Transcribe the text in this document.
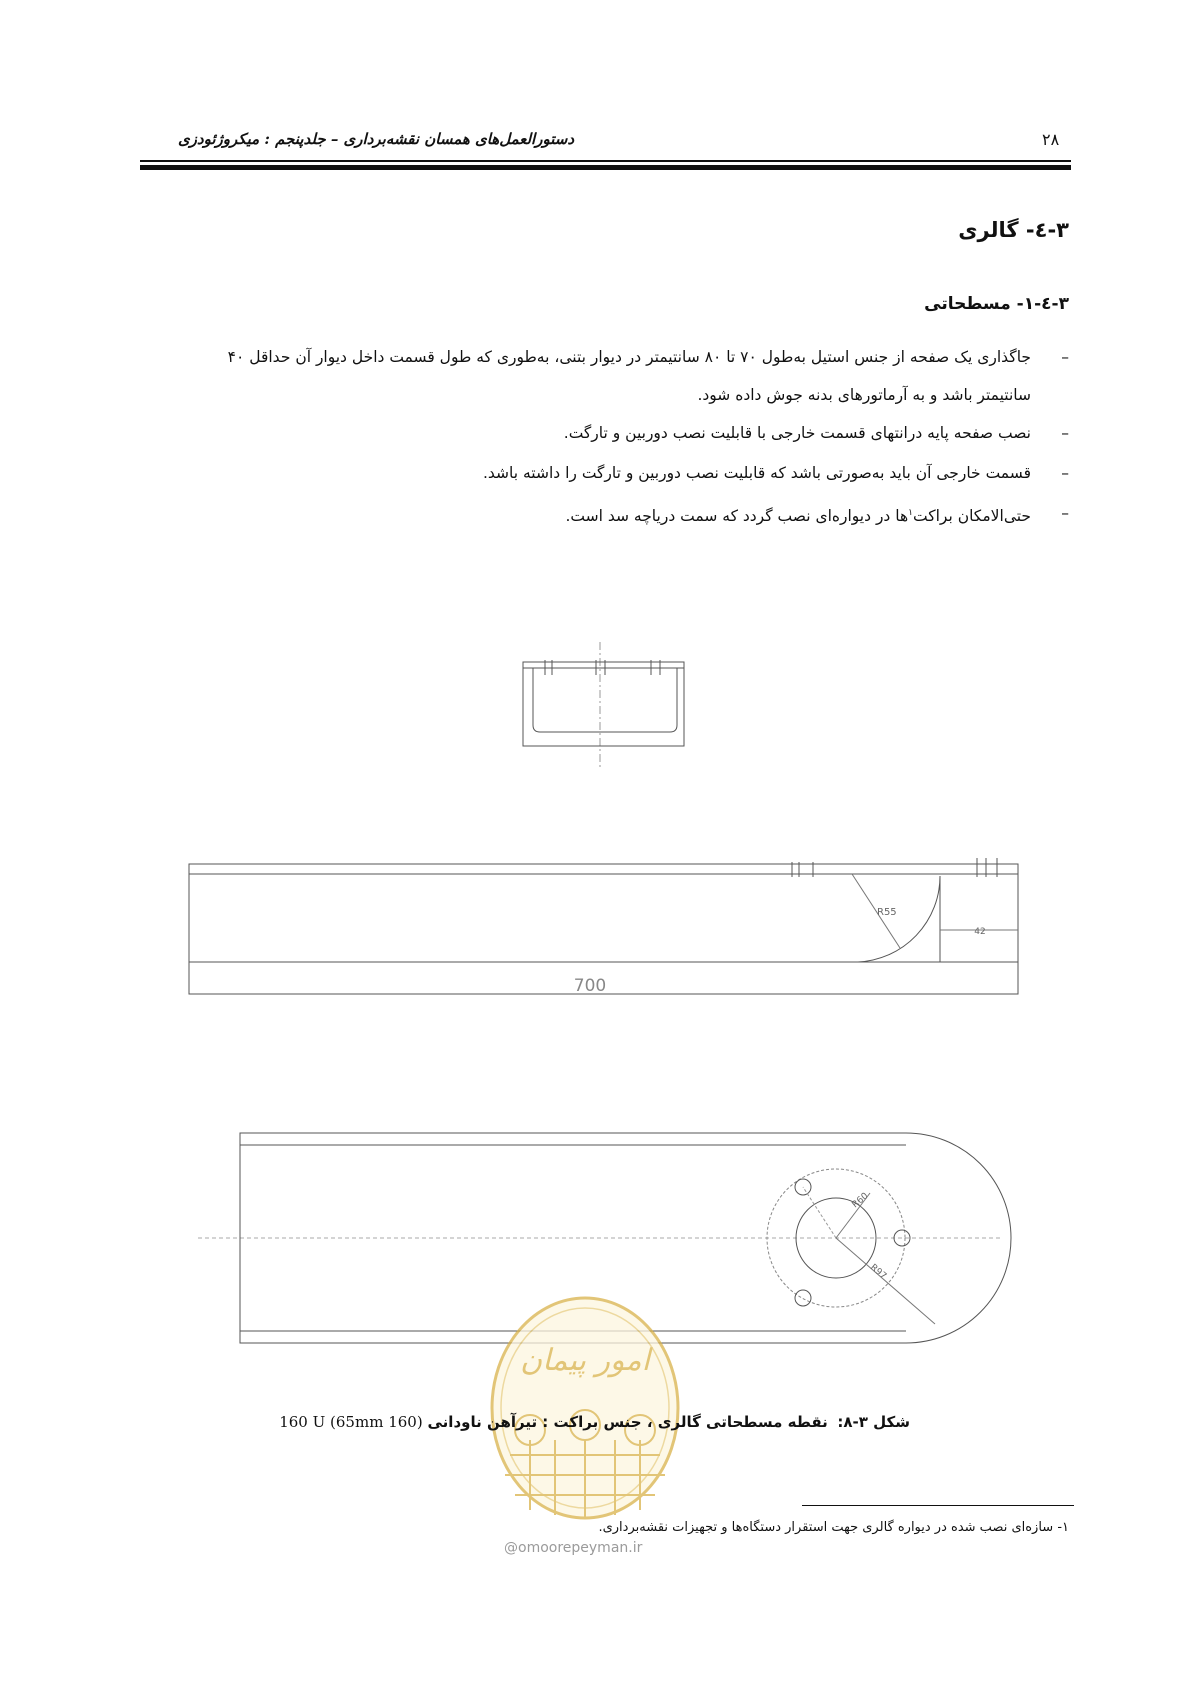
دستورالعمل‌های همسان نقشه‌برداری – جلدپنجم : میکروژئودزی	۲۸
۳-٤- گالری
۳-٤-۱- مسطحاتی
–
جاگذاری یک صفحه از جنس استیل به‌طول ۷۰ تا ۸۰ سانتیمتر در دیوار بتنی، به‌طوری که طول قسمت داخل دیوار آن حداقل ۴۰ سانتیمتر باشد و به آرماتورهای بدنه جوش داده شود.
–
نصب صفحه پایه درانتهای قسمت خارجی با قابلیت نصب دوربین و تارگت.
–
قسمت خارجی آن باید به‌صورتی باشد که قابلیت نصب دوربین و تارگت را داشته باشد.
–
حتی‌الامکان براکت$^۱$ها در دیواره‌ای نصب گردد که سمت دریاچه سد است.
700
R55
42
R60
R97
امور پیمان
شکل ۳-۸:  نقطه مسطحاتی گالری ، جنس براکت : تیرآهن ناودانی (160 65mm) 160 U
۱- سازه‌ای نصب شده در دیواره گالری جهت استقرار دستگاه‌ها و تجهیزات نقشه‌برداری.
@omoorepeyman.ir
